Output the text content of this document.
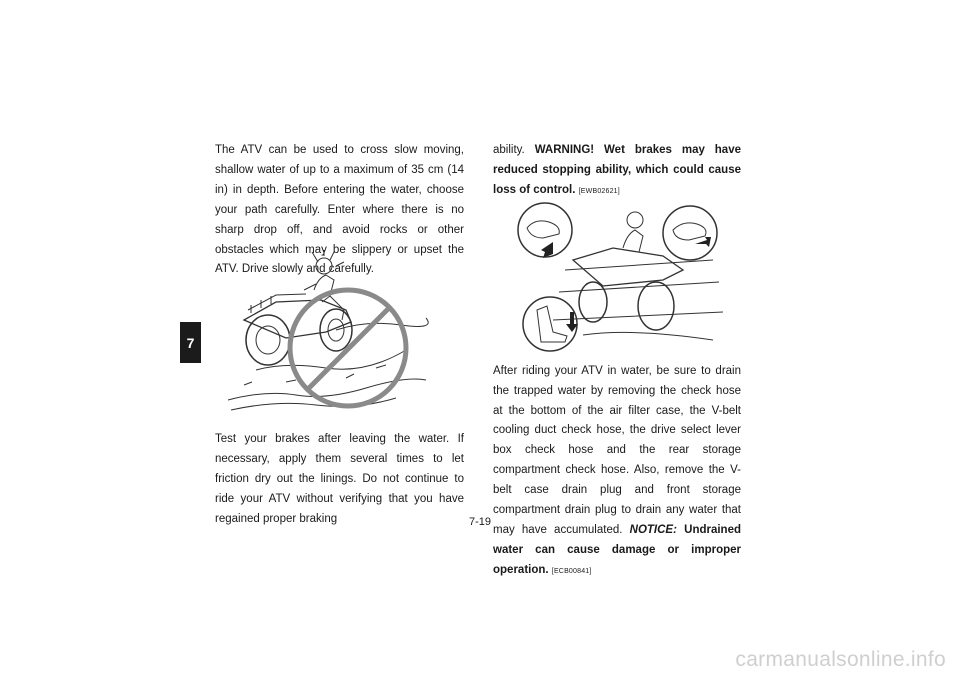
7

The ATV can be used to cross slow moving, shallow water of up to a maximum of 35 cm (14 in) in depth. Before entering the water, choose your path carefully. Enter where there is no sharp drop off, and avoid rocks or other obstacles which may be slippery or upset the ATV. Drive slowly and carefully.

Test your brakes after leaving the water. If necessary, apply them several times to let friction dry out the linings. Do not continue to ride your ATV without verifying that you have regained proper braking

ability. WARNING! Wet brakes may have reduced stopping ability, which could cause loss of control. [EWB02621]

After riding your ATV in water, be sure to drain the trapped water by removing the check hose at the bottom of the air filter case, the V-belt cooling duct check hose, the drive select lever box check hose and the rear storage compartment check hose. Also, remove the V-belt case drain plug and front storage compartment drain plug to drain any water that may have accumulated. NOTICE: Undrained water can cause damage or improper operation. [ECB00841]

7-19
carmanualsonline.info
